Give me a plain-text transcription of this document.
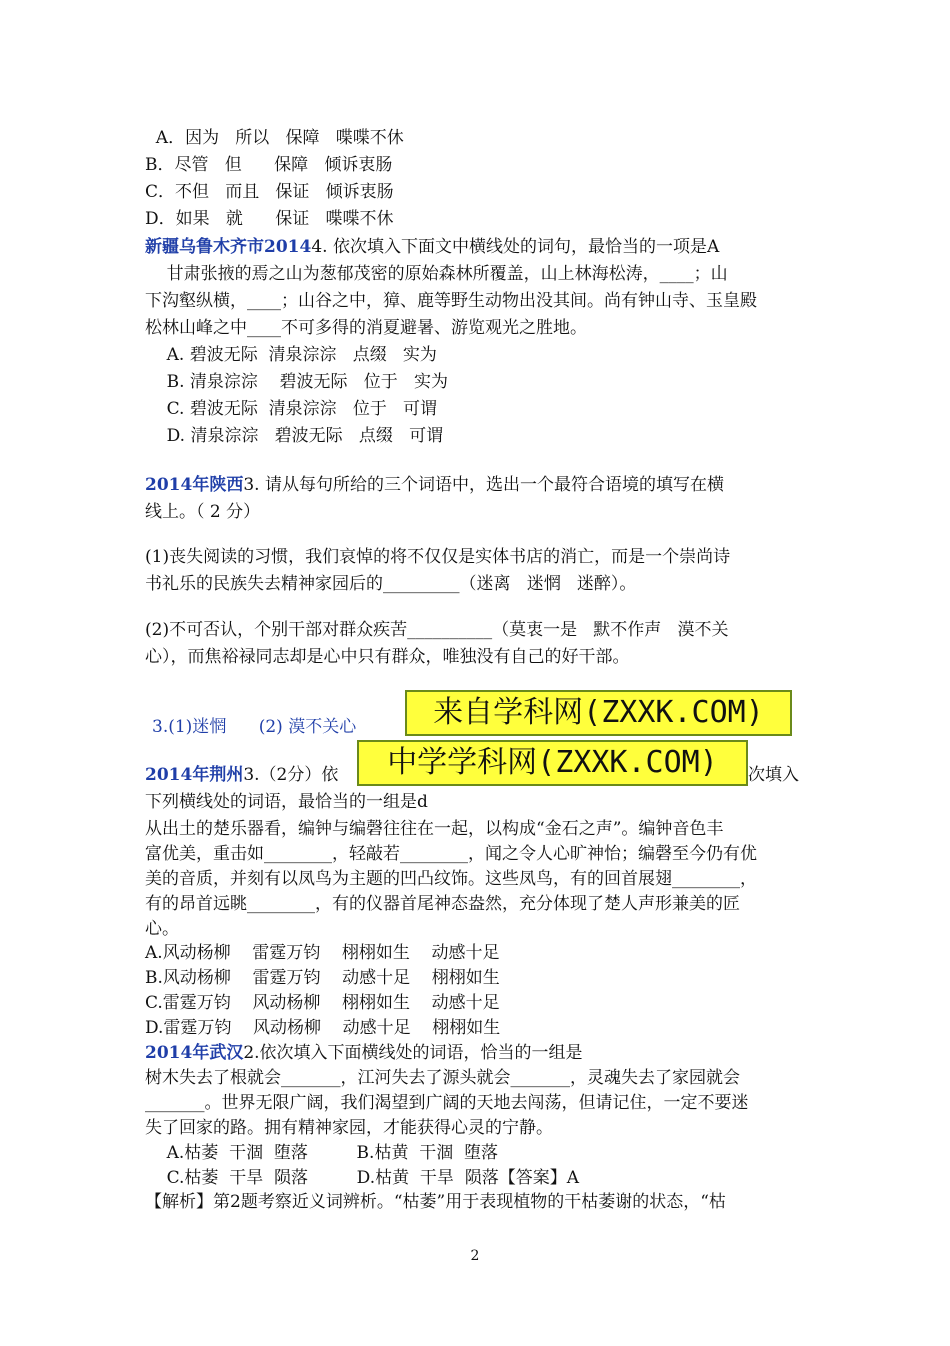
A．因为   所以   保障   喋喋不休
B．尽管   但      保障   倾诉衷肠
C．不但   而且   保证   倾诉衷肠
D．如果   就      保证   喋喋不休
新疆乌鲁木齐市20144. 依次填入下面文中横线处的词句，最恰当的一项是A
甘肃张掖的焉之山为葱郁茂密的原始森林所覆盖，山上林海松涛，____；山
下沟壑纵横，____；山谷之中，獐、鹿等野生动物出没其间。尚有钟山寺、玉皇殿
松林山峰之中____不可多得的消夏避暑、游览观光之胜地。
A. 碧波无际  清泉淙淙   点缀   实为
B. 清泉淙淙    碧波无际   位于   实为
C. 碧波无际  清泉淙淙   位于   可谓
D. 清泉淙淙   碧波无际   点缀   可谓
2014年陕西3. 请从每句所给的三个词语中，选出一个最符合语境的填写在横
线上。（ 2 分）
(1)丧失阅读的习惯，我们哀悼的将不仅仅是实体书店的消亡，而是一个崇尚诗
书礼乐的民族失去精神家园后的_________（迷离   迷惘   迷醉）。
(2)不可否认，个别干部对群众疾苦__________（莫衷一是   默不作声   漠不关
心），而焦裕禄同志却是心中只有群众，唯独没有自己的好干部。
3.(1)迷惘      (2) 漠不关心	来自学科网(ZXXK.COM)
中学学科网(ZXXK.COM)
2014年荆州3.（2分）依	次填入
下列横线处的词语，最恰当的一组是d
从出土的楚乐器看，编钟与编磬往往在一起，以构成“金石之声”。编钟音色丰
富优美，重击如________，轻敲若________，闻之令人心旷神怡；编磬至今仍有优
美的音质，并刻有以凤鸟为主题的凹凸纹饰。这些凤鸟，有的回首展翅________，
有的昂首远眺________，有的仪器首尾神态盎然，充分体现了楚人声形兼美的匠
心。
A.风动杨柳    雷霆万钧    栩栩如生    动感十足
B.风动杨柳    雷霆万钧    动感十足    栩栩如生
C.雷霆万钧    风动杨柳    栩栩如生    动感十足
D.雷霆万钧    风动杨柳    动感十足    栩栩如生
2014年武汉2.依次填入下面横线处的词语，恰当的一组是
树木失去了根就会_______，江河失去了源头就会_______，灵魂失去了家园就会
_______。世界无限广阔，我们渴望到广阔的天地去闯荡，但请记住，一定不要迷
失了回家的路。拥有精神家园，才能获得心灵的宁静。
A.枯萎  干涸  堕落         B.枯黄  干涸  堕落
C.枯萎  干旱  陨落         D.枯黄  干旱  陨落【答案】A
【解析】第2题考察近义词辨析。“枯萎”用于表现植物的干枯萎谢的状态，“枯
2
